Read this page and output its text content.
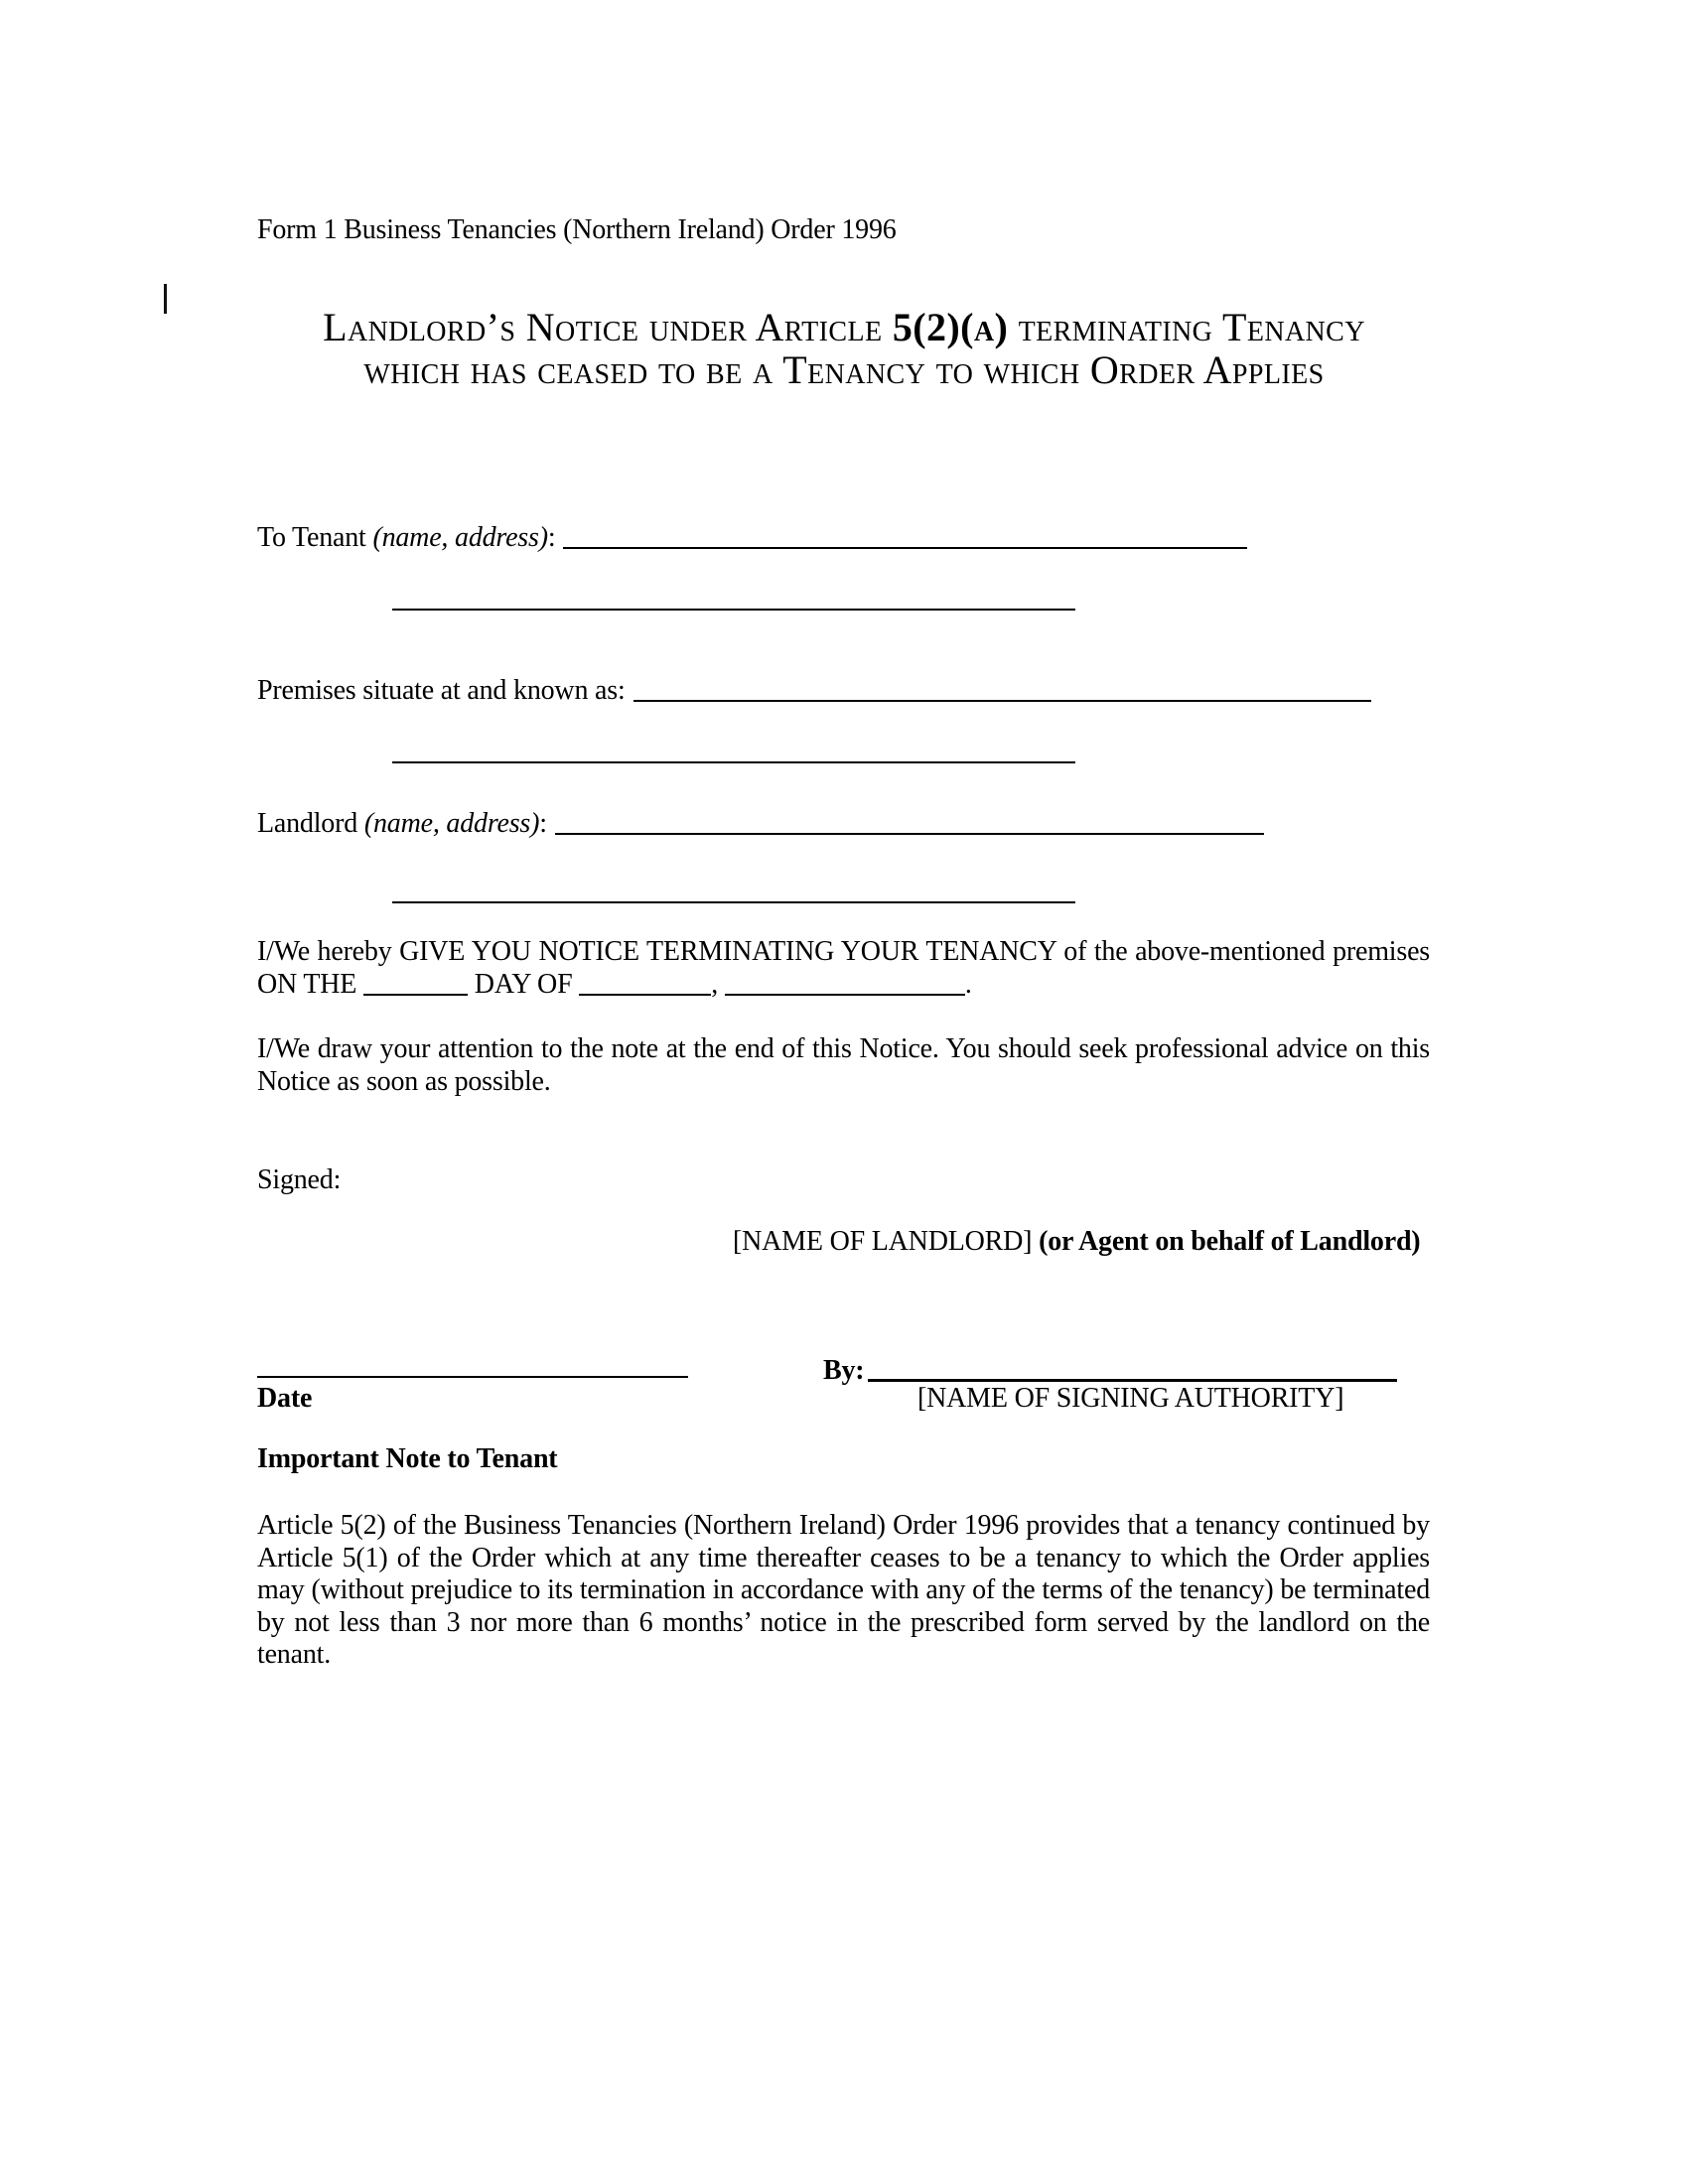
Form 1 Business Tenancies (Northern Ireland) Order 1996
Landlord’s Notice under Article 5(2)(a) terminating Tenancy
which has ceased to be a Tenancy to which Order Applies
To Tenant (name, address):
Premises situate at and known as:
Landlord (name, address):
I/We hereby GIVE YOU NOTICE TERMINATING YOUR TENANCY of the above-mentioned premises ON THE	DAY OF	,	.
I/We draw your attention to the note at the end of this Notice. You should seek professional advice on this Notice as soon as possible.
Signed:
[NAME OF LANDLORD] (or Agent on behalf of Landlord)
Date
By:
[NAME OF SIGNING AUTHORITY]
Important Note to Tenant
Article 5(2) of the Business Tenancies (Northern Ireland) Order 1996 provides that a tenancy continued by Article 5(1) of the Order which at any time thereafter ceases to be a tenancy to which the Order applies may (without prejudice to its termination in accordance with any of the terms of the tenancy) be terminated by not less than 3 nor more than 6 months’ notice in the prescribed form served by the landlord on the tenant.
